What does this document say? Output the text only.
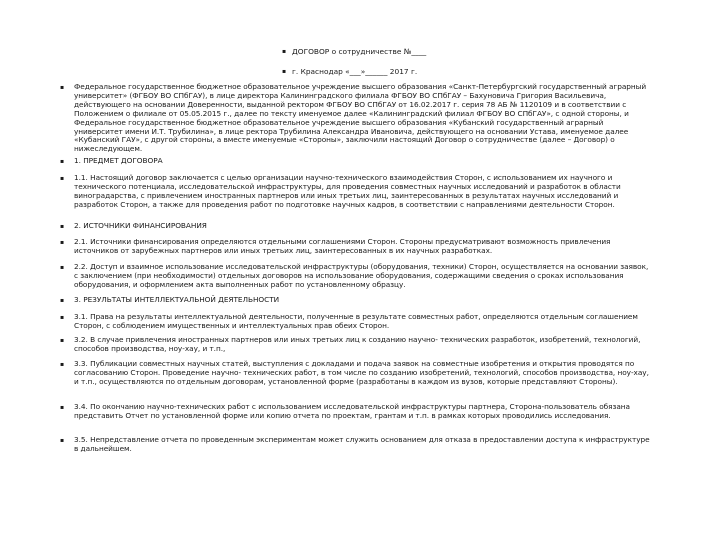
▪ ДОГОВОР о сотрудничестве №____
▪ г. Краснодар «___»______ 2017 г.
▪ Федеральное государственное бюджетное образовательное учреждение высшего образования «Санкт-Петербургский государственный аграрный университет» (ФГБОУ ВО СПбГАУ), в лице директора Калининградского филиала ФГБОУ ВО СПбГАУ – Бахуновича Григория Васильевича, действующего на основании Доверенности, выданной ректором ФГБОУ ВО СПбГАУ от 16.02.2017 г. серия 78 АБ № 1120109 и в соответствии с Положением о филиале от 05.05.2015 г., далее по тексту именуемое далее «Калининградский филиал ФГБОУ ВО СПбГАУ», с одной стороны, и Федеральное государственное бюджетное образовательное учреждение высшего образования «Кубанский государственный аграрный университет имени И.Т. Трубилина», в лице ректора Трубилина Александра Ивановича, действующего на основании Устава, именуемое далее «Кубанский ГАУ», с другой стороны, а вместе именуемые «Стороны», заключили настоящий Договор о сотрудничестве (далее – Договор) о нижеследующем.
▪ 1. ПРЕДМЕТ ДОГОВОРА
▪ 1.1. Настоящий договор заключается с целью организации научно-технического взаимодействия Сторон, с использованием их научного и технического потенциала, исследовательской инфраструктуры, для проведения совместных научных исследований и разработок в области виноградарства, с привлечением иностранных партнеров или иных третьих лиц, заинтересованных в результатах научных исследований и разработок Сторон, а также для проведения работ по подготовке научных кадров, в соответствии с направлениями деятельности Сторон.
▪ 2. ИСТОЧНИКИ ФИНАНСИРОВАНИЯ
▪ 2.1. Источники финансирования определяются отдельными соглашениями Сторон. Стороны предусматривают возможность привлечения источников от зарубежных партнеров или иных третьих лиц, заинтересованных в их научных разработках.
▪ 2.2. Доступ и взаимное использование исследовательской инфраструктуры (оборудования, техники) Сторон, осуществляется на основании заявок, с заключением (при необходимости) отдельных договоров на использование оборудования, содержащими сведения о сроках использования оборудования, и оформлением акта выполненных работ по установленному образцу.
▪ 3. РЕЗУЛЬТАТЫ ИНТЕЛЛЕКТУАЛЬНОЙ ДЕЯТЕЛЬНОСТИ
▪ 3.1. Права на результаты интеллектуальной деятельности, полученные в результате совместных работ, определяются отдельным соглашением Сторон, с соблюдением имущественных и интеллектуальных прав обеих Сторон.
▪ 3.2. В случае привлечения иностранных партнеров или иных третьих лиц к созданию научно- технических разработок, изобретений, технологий, способов производства, ноу-хау, и т.п.,
▪ 3.3. Публикации совместных научных статей, выступления с докладами и подача заявок на совместные изобретения и открытия проводятся по согласованию Сторон. Проведение научно- технических работ, в том числе по созданию изобретений, технологий, способов производства, ноу-хау, и т.п., осуществляются по отдельным договорам, установленной форме (разработаны в каждом из вузов, которые представляют Стороны).
▪ 3.4. По окончанию научно-технических работ с использованием исследовательской инфраструктуры партнера, Сторона-пользователь обязана представить Отчет по установленной форме или копию отчета по проектам, грантам и т.п. в рамках которых проводились исследования.
▪ 3.5. Непредставление отчета по проведенным экспериментам может служить основанием для отказа в предоставлении доступа к инфраструктуре в дальнейшем.
